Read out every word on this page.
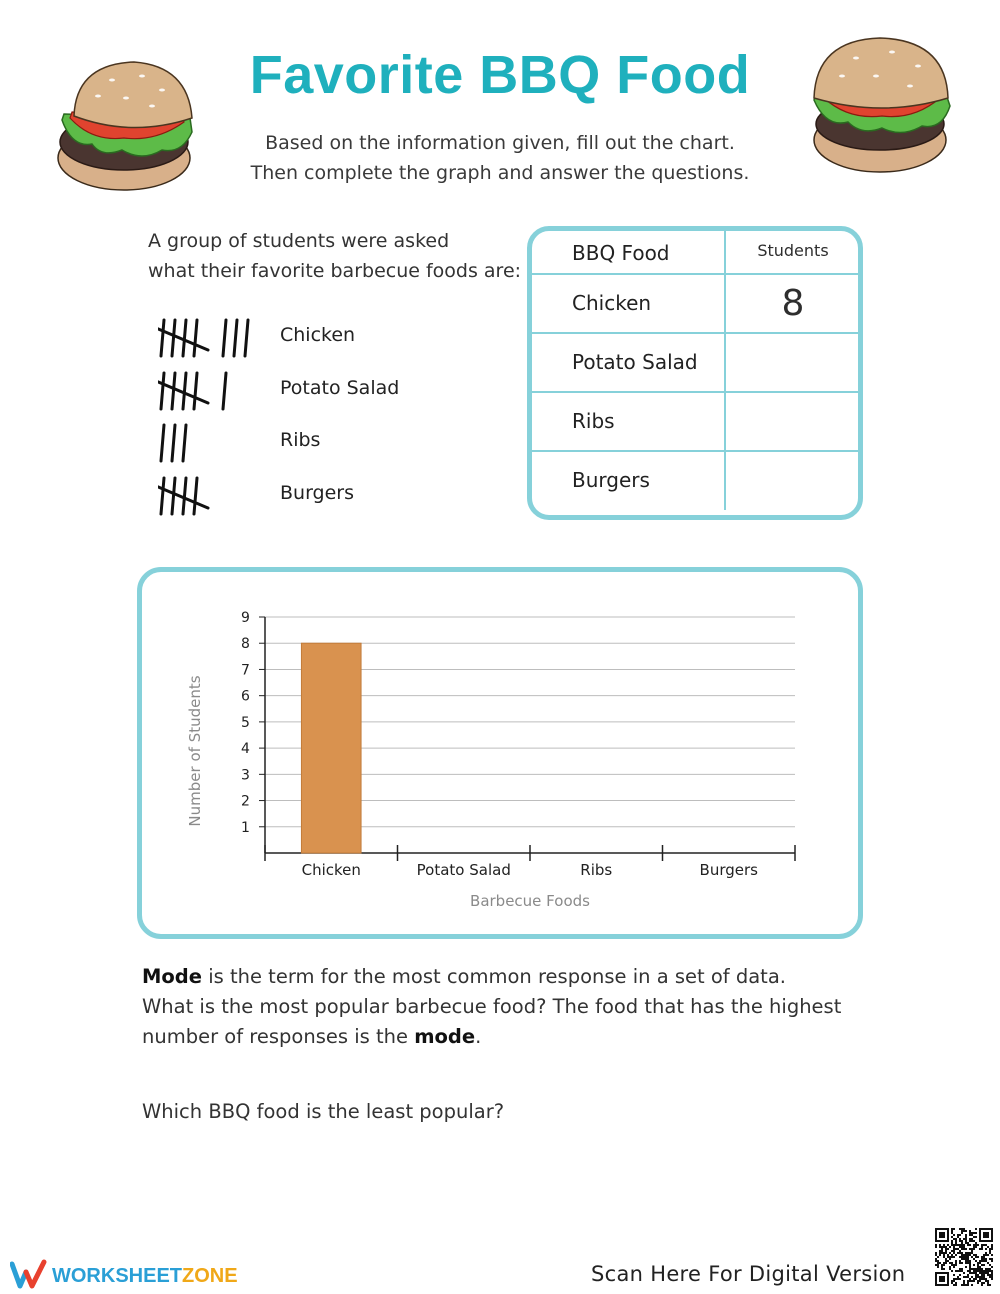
Favorite BBQ Food
Based on the information given, fill out the chart.
Then complete the graph and answer the questions.
A group of students were asked
what their favorite barbecue foods are:
Chicken
Potato Salad
Ribs
Burgers
BBQ Food	Students
Chicken	8
Potato Salad
Ribs
Burgers
1
2
3
4
5
6
7
8
9
Chicken	Potato Salad	Ribs	Burgers
Barbecue Foods
Number of Students
Mode is the term for the most common response in a set of data.
What is the most popular barbecue food? The food that has the highest
number of responses is the mode.
Which BBQ food is the least popular?
WORKSHEETZONE	Scan Here For Digital Version
